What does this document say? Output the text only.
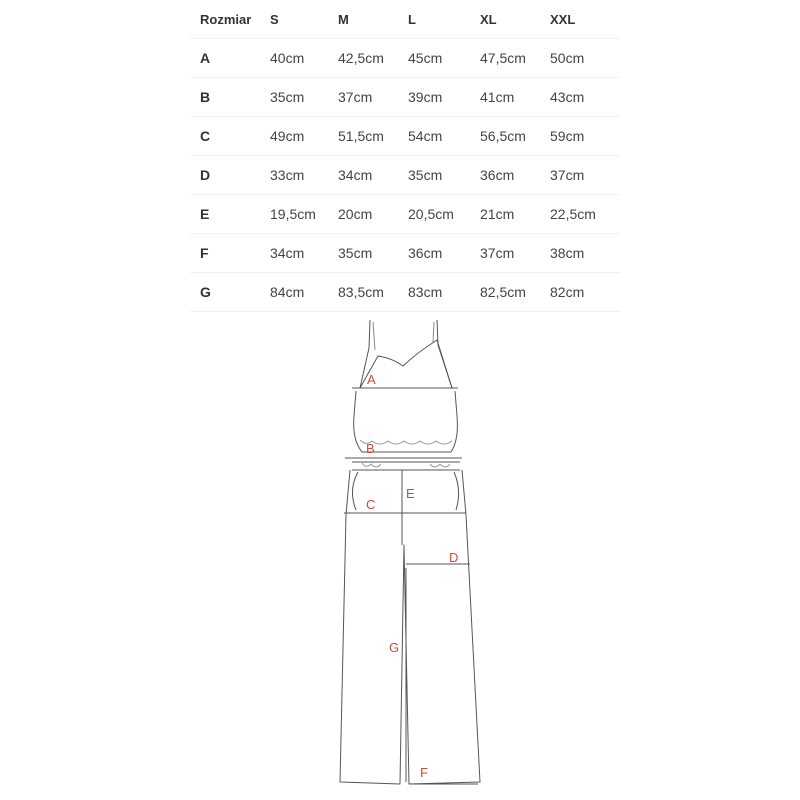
Rozmiar	S	M	L	XL	XXL
A	40cm	42,5cm	45cm	47,5cm	50cm
B	35cm	37cm	39cm	41cm	43cm
C	49cm	51,5cm	54cm	56,5cm	59cm
D	33cm	34cm	35cm	36cm	37cm
E	19,5cm	20cm	20,5cm	21cm	22,5cm
F	34cm	35cm	36cm	37cm	38cm
G	84cm	83,5cm	83cm	82,5cm	82cm
A
B
C
D
E
F
G
